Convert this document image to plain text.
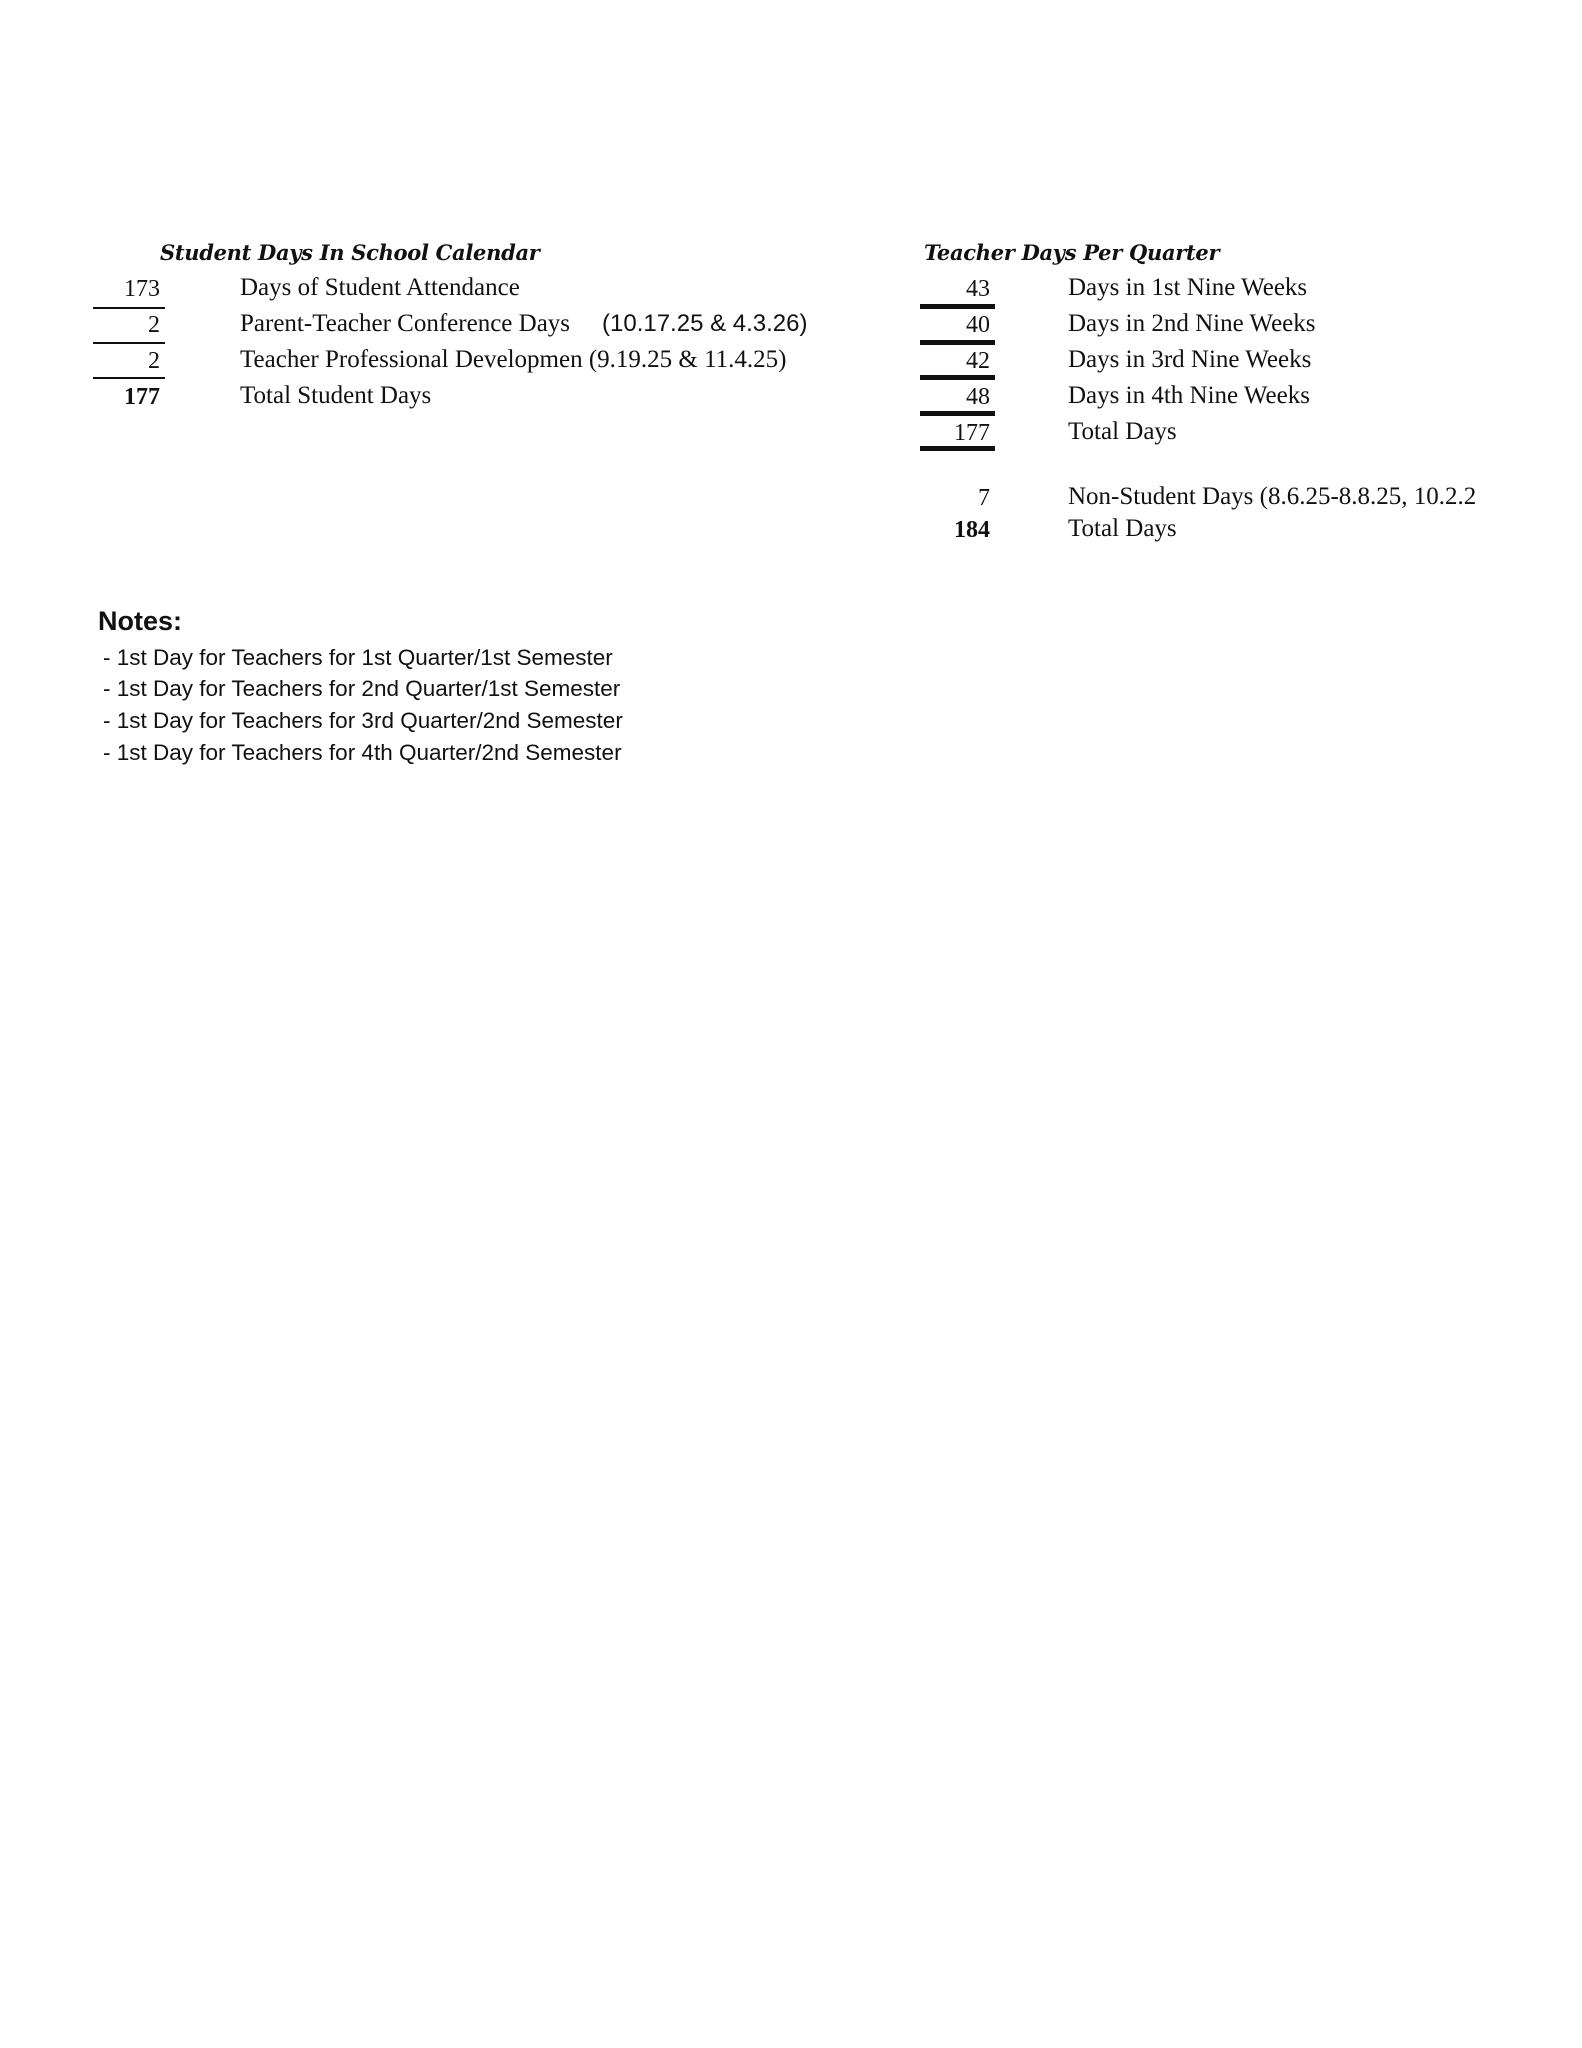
Student Days In School Calendar
173	Days of Student Attendance
2	Parent-Teacher Conference Days (10.17.25 & 4.3.26)
2	Teacher Professional Developmen (9.19.25 & 11.4.25)
177	Total Student Days
Teacher Days Per Quarter
43	Days in 1st Nine Weeks
40	Days in 2nd Nine Weeks
42	Days in 3rd Nine Weeks
48	Days in 4th Nine Weeks
177	Total Days
7	Non-Student Days (8.6.25-8.8.25, 10.2.2
184	Total Days
Notes:
- 1st Day for Teachers for 1st Quarter/1st Semester
- 1st Day for Teachers for 2nd Quarter/1st Semester
- 1st Day for Teachers for 3rd Quarter/2nd Semester
- 1st Day for Teachers for 4th Quarter/2nd Semester
